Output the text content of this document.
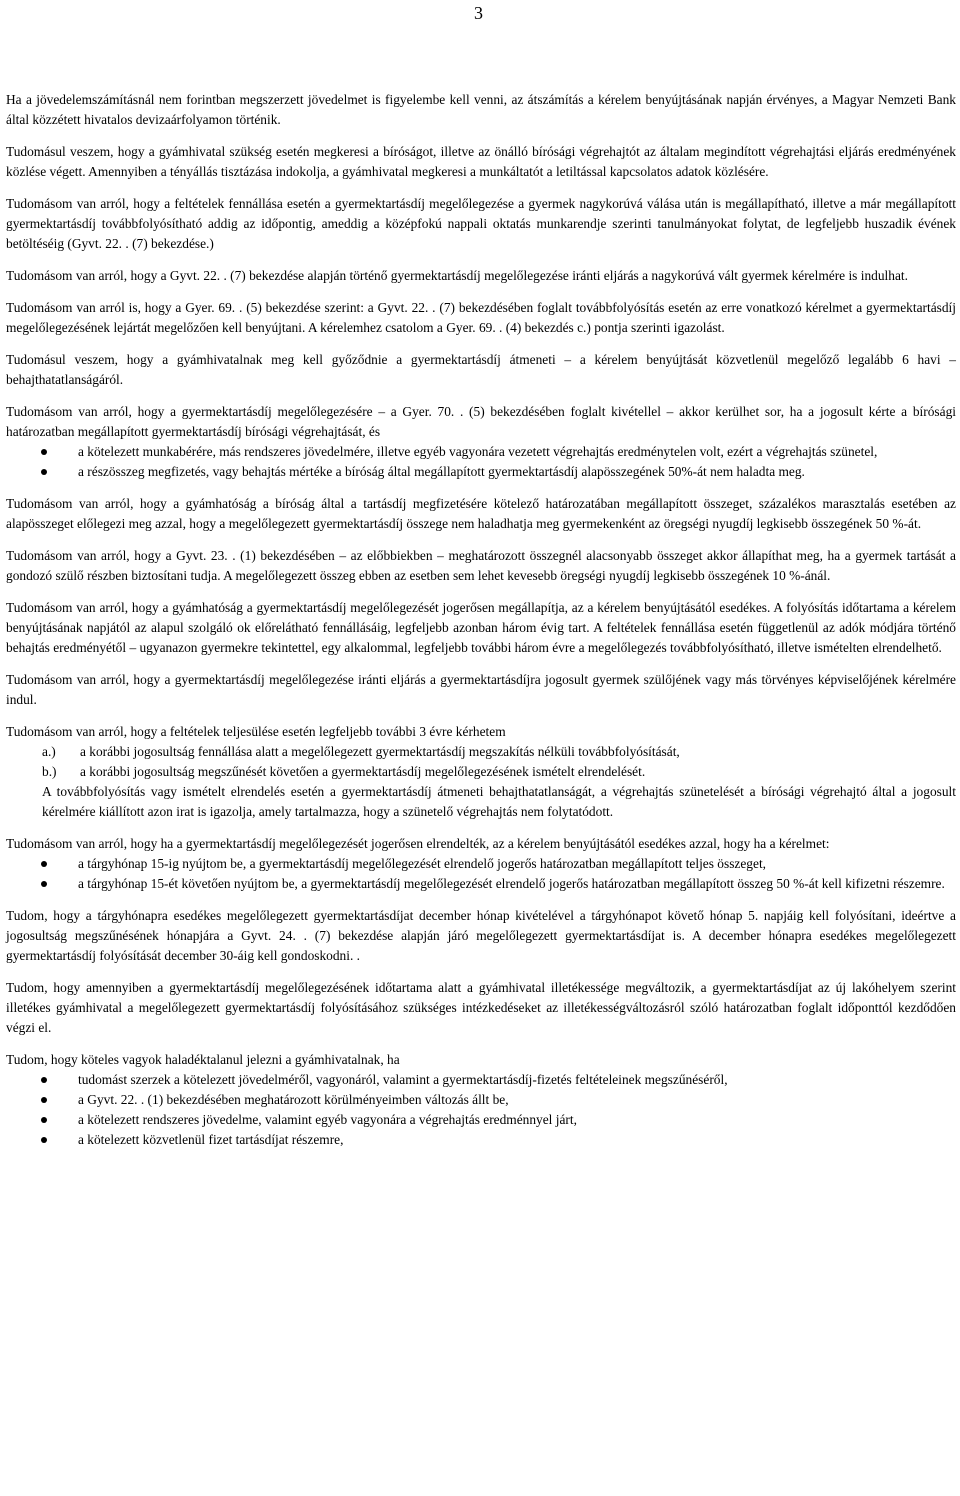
3

Ha a jövedelemszámításnál nem forintban megszerzett jövedelmet is figyelembe kell venni, az átszámítás a kérelem benyújtásának napján érvényes, a Magyar Nemzeti Bank által közzétett hivatalos devizaárfolyamon történik.

Tudomásul veszem, hogy a gyámhivatal szükség esetén megkeresi a bíróságot, illetve az önálló bírósági végrehajtót az általam megindított végrehajtási eljárás eredményének közlése végett. Amennyiben a tényállás tisztázása indokolja, a gyámhivatal megkeresi a munkáltatót a letiltással kapcsolatos adatok közlésére.

Tudomásom van arról, hogy a feltételek fennállása esetén a gyermektartásdíj megelőlegezése a gyermek nagykorúvá válása után is megállapítható, illetve a már megállapított gyermektartásdíj továbbfolyósítható addig az időpontig, ameddig a középfokú nappali oktatás munkarendje szerinti tanulmányokat folytat, de legfeljebb huszadik évének betöltéséig (Gyvt. 22. . (7) bekezdése.)

Tudomásom van arról, hogy a Gyvt. 22. . (7) bekezdése alapján történő gyermektartásdíj megelőlegezése iránti eljárás a nagykorúvá vált gyermek kérelmére is indulhat.

Tudomásom van arról is, hogy a Gyer. 69. . (5) bekezdése szerint: a Gyvt. 22. . (7) bekezdésében foglalt továbbfolyósítás esetén az erre vonatkozó kérelmet a gyermektartásdíj megelőlegezésének lejártát megelőzően kell benyújtani. A kérelemhez csatolom a Gyer. 69. . (4) bekezdés c.) pontja szerinti igazolást.

Tudomásul veszem, hogy a gyámhivatalnak meg kell győződnie a gyermektartásdíj átmeneti – a kérelem benyújtását közvetlenül megelőző legalább 6 havi – behajthatatlanságáról.

Tudomásom van arról, hogy a gyermektartásdíj megelőlegezésére – a Gyer. 70. . (5) bekezdésében foglalt kivétellel – akkor kerülhet sor, ha a jogosult kérte a bírósági határozatban megállapított gyermektartásdíj bírósági végrehajtását, és

a kötelezett munkabérére, más rendszeres jövedelmére, illetve egyéb vagyonára vezetett végrehajtás eredménytelen volt, ezért a végrehajtás szünetel,
a részösszeg megfizetés, vagy behajtás mértéke a bíróság által megállapított gyermektartásdíj alapösszegének 50%-át nem haladta meg.

Tudomásom van arról, hogy a gyámhatóság a bíróság által a tartásdíj megfizetésére kötelező határozatában megállapított összeget, százalékos marasztalás esetében az alapösszeget előlegezi meg azzal, hogy a megelőlegezett gyermektartásdíj összege nem haladhatja meg gyermekenként az öregségi nyugdíj legkisebb összegének 50 %-át.

Tudomásom van arról, hogy a Gyvt. 23. . (1) bekezdésében – az előbbiekben – meghatározott összegnél alacsonyabb összeget akkor állapíthat meg, ha a gyermek tartását a gondozó szülő részben biztosítani tudja. A megelőlegezett összeg ebben az esetben sem lehet kevesebb öregségi nyugdíj legkisebb összegének 10 %-ánál.

Tudomásom van arról, hogy a gyámhatóság a gyermektartásdíj megelőlegezését jogerősen megállapítja, az a kérelem benyújtásától esedékes. A folyósítás időtartama a kérelem benyújtásának napjától az alapul szolgáló ok előrelátható fennállásáig, legfeljebb azonban három évig tart. A feltételek fennállása esetén függetlenül az adók módjára történő behajtás eredményétől – ugyanazon gyermekre tekintettel, egy alkalommal, legfeljebb további három évre a megelőlegezés továbbfolyósítható, illetve ismételten elrendelhető.

Tudomásom van arról, hogy a gyermektartásdíj megelőlegezése iránti eljárás a gyermektartásdíjra jogosult gyermek szülőjének vagy más törvényes képviselőjének kérelmére indul.

Tudomásom van arról, hogy a feltételek teljesülése esetén legfeljebb további 3 évre kérhetem

a.) a korábbi jogosultság fennállása alatt a megelőlegezett gyermektartásdíj megszakítás nélküli továbbfolyósítását,
b.) a korábbi jogosultság megszűnését követően a gyermektartásdíj megelőlegezésének ismételt elrendelését.

A továbbfolyósítás vagy ismételt elrendelés esetén a gyermektartásdíj átmeneti behajthatatlanságát, a végrehajtás szünetelését a bírósági végrehajtó által a jogosult kérelmére kiállított azon irat is igazolja, amely tartalmazza, hogy a szünetelő végrehajtás nem folytatódott.

Tudomásom van arról, hogy ha a gyermektartásdíj megelőlegezését jogerősen elrendelték, az a kérelem benyújtásától esedékes azzal, hogy ha a kérelmet:

a tárgyhónap 15-ig nyújtom be, a gyermektartásdíj megelőlegezését elrendelő jogerős határozatban megállapított teljes összeget,
a tárgyhónap 15-ét követően nyújtom be, a gyermektartásdíj megelőlegezését elrendelő jogerős határozatban megállapított összeg 50 %-át kell kifizetni részemre.

Tudom, hogy a tárgyhónapra esedékes megelőlegezett gyermektartásdíjat december hónap kivételével a tárgyhónapot követő hónap 5. napjáig kell folyósítani, ideértve a jogosultság megszűnésének hónapjára a Gyvt. 24. . (7) bekezdése alapján járó megelőlegezett gyermektartásdíjat is. A december hónapra esedékes megelőlegezett gyermektartásdíj folyósítását december 30-áig kell gondoskodni. .

Tudom, hogy amennyiben a gyermektartásdíj megelőlegezésének időtartama alatt a gyámhivatal illetékessége megváltozik, a gyermektartásdíjat az új lakóhelyem szerint illetékes gyámhivatal a megelőlegezett gyermektartásdíj folyósításához szükséges intézkedéseket az illetékességváltozásról szóló határozatban foglalt időponttól kezdődően végzi el.

Tudom, hogy köteles vagyok haladéktalanul jelezni a gyámhivatalnak, ha

tudomást szerzek a kötelezett jövedelméről, vagyonáról, valamint a gyermektartásdíj-fizetés feltételeinek megszűnéséről,
a Gyvt. 22. . (1) bekezdésében meghatározott körülményeimben változás állt be,
a kötelezett rendszeres jövedelme, valamint egyéb vagyonára a végrehajtás eredménnyel járt,
a kötelezett közvetlenül fizet tartásdíjat részemre,
